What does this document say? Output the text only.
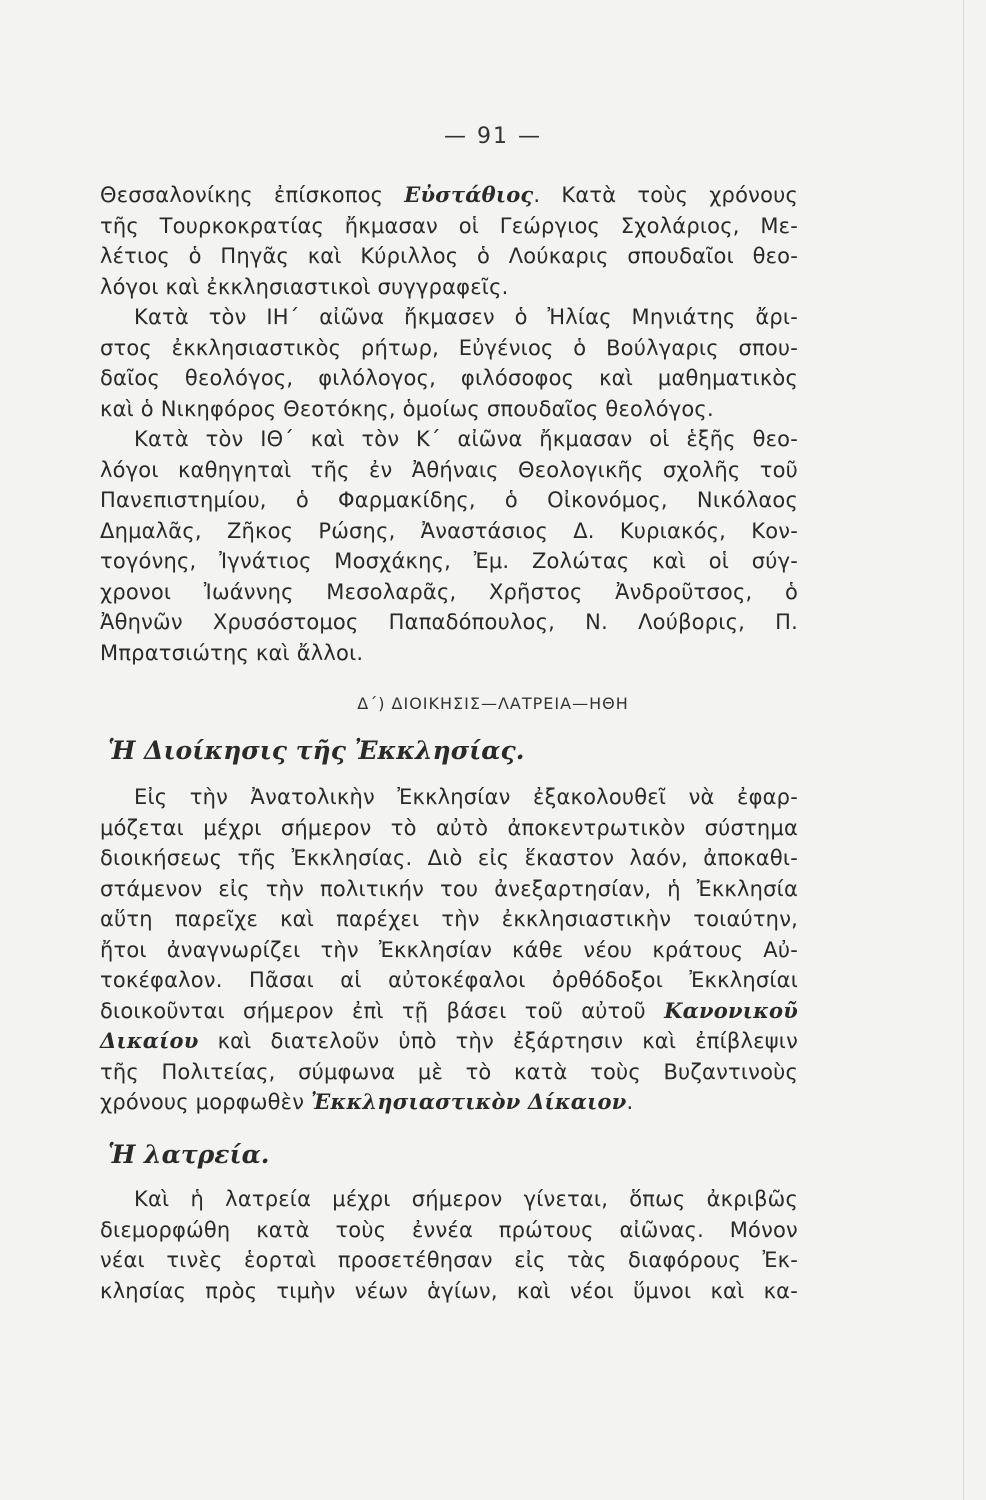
— 91 —
Θεσσαλονίκης ἐπίσκοπος Εὐστάθιος. Κατὰ τοὺς χρόνους
τῆς Τουρκοκρατίας ἤκμασαν οἱ Γεώργιος Σχολάριος, Με-
λέτιος ὁ Πηγᾶς καὶ Κύριλλος ὁ Λούκαρις σπουδαῖοι θεο-
λόγοι καὶ ἐκκλησιαστικοὶ συγγραφεῖς.
Κατὰ τὸν ΙΗ΄ αἰῶνα ἤκμασεν ὁ Ἠλίας Μηνιάτης ἄρι-
στος ἐκκλησιαστικὸς ρήτωρ, Εὐγένιος ὁ Βούλγαρις σπου-
δαῖος θεολόγος, φιλόλογος, φιλόσοφος καὶ μαθηματικὸς
καὶ ὁ Νικηφόρος Θεοτόκης, ὁμοίως σπουδαῖος θεολόγος.
Κατὰ τὸν ΙΘ΄ καὶ τὸν Κ΄ αἰῶνα ἤκμασαν οἱ ἑξῆς θεο-
λόγοι καθηγηταὶ τῆς ἐν Ἀθήναις Θεολογικῆς σχολῆς τοῦ
Πανεπιστημίου, ὁ Φαρμακίδης, ὁ Οἰκονόμος, Νικόλαος
Δημαλᾶς, Ζῆκος Ρώσης, Ἀναστάσιος Δ. Κυριακός, Κον-
τογόνης, Ἰγνάτιος Μοσχάκης, Ἐμ. Ζολώτας καὶ οἱ σύγ-
χρονοι Ἰωάννης Μεσολαρᾶς, Χρῆστος Ἀνδροῦτσος, ὁ
Ἀθηνῶν Χρυσόστομος Παπαδόπουλος, Ν. Λούβορις, Π.
Μπρατσιώτης καὶ ἄλλοι.
Δ΄) ΔΙΟΙΚΗΣΙΣ—ΛΑΤΡΕΙΑ—ΗΘΗ
Ἡ Διοίκησις τῆς Ἐκκλησίας.
Εἰς τὴν Ἀνατολικὴν Ἐκκλησίαν ἐξακολουθεῖ νὰ ἐφαρ-
μόζεται μέχρι σήμερον τὸ αὐτὸ ἀποκεντρωτικὸν σύστημα
διοικήσεως τῆς Ἐκκλησίας. Διὸ εἰς ἕκαστον λαόν, ἀποκαθι-
στάμενον εἰς τὴν πολιτικήν του ἀνεξαρτησίαν, ἡ Ἐκκλησία
αὕτη παρεῖχε καὶ παρέχει τὴν ἐκκλησιαστικὴν τοιαύτην,
ἤτοι ἀναγνωρίζει τὴν Ἐκκλησίαν κάθε νέου κράτους Αὐ-
τοκέφαλον. Πᾶσαι αἱ αὐτοκέφαλοι ὀρθόδοξοι Ἐκκλησίαι
διοικοῦνται σήμερον ἐπὶ τῇ βάσει τοῦ αὐτοῦ Κανονικοῦ
Δικαίου καὶ διατελοῦν ὑπὸ τὴν ἐξάρτησιν καὶ ἐπίβλεψιν
τῆς Πολιτείας, σύμφωνα μὲ τὸ κατὰ τοὺς Βυζαντινοὺς
χρόνους μορφωθὲν Ἐκκλησιαστικὸν Δίκαιον.
Ἡ λατρεία.
Καὶ ἡ λατρεία μέχρι σήμερον γίνεται, ὅπως ἀκριβῶς
διεμορφώθη κατὰ τοὺς ἐννέα πρώτους αἰῶνας. Μόνον
νέαι τινὲς ἑορταὶ προσετέθησαν εἰς τὰς διαφόρους Ἐκ-
κλησίας πρὸς τιμὴν νέων ἁγίων, καὶ νέοι ὕμνοι καὶ κα-
